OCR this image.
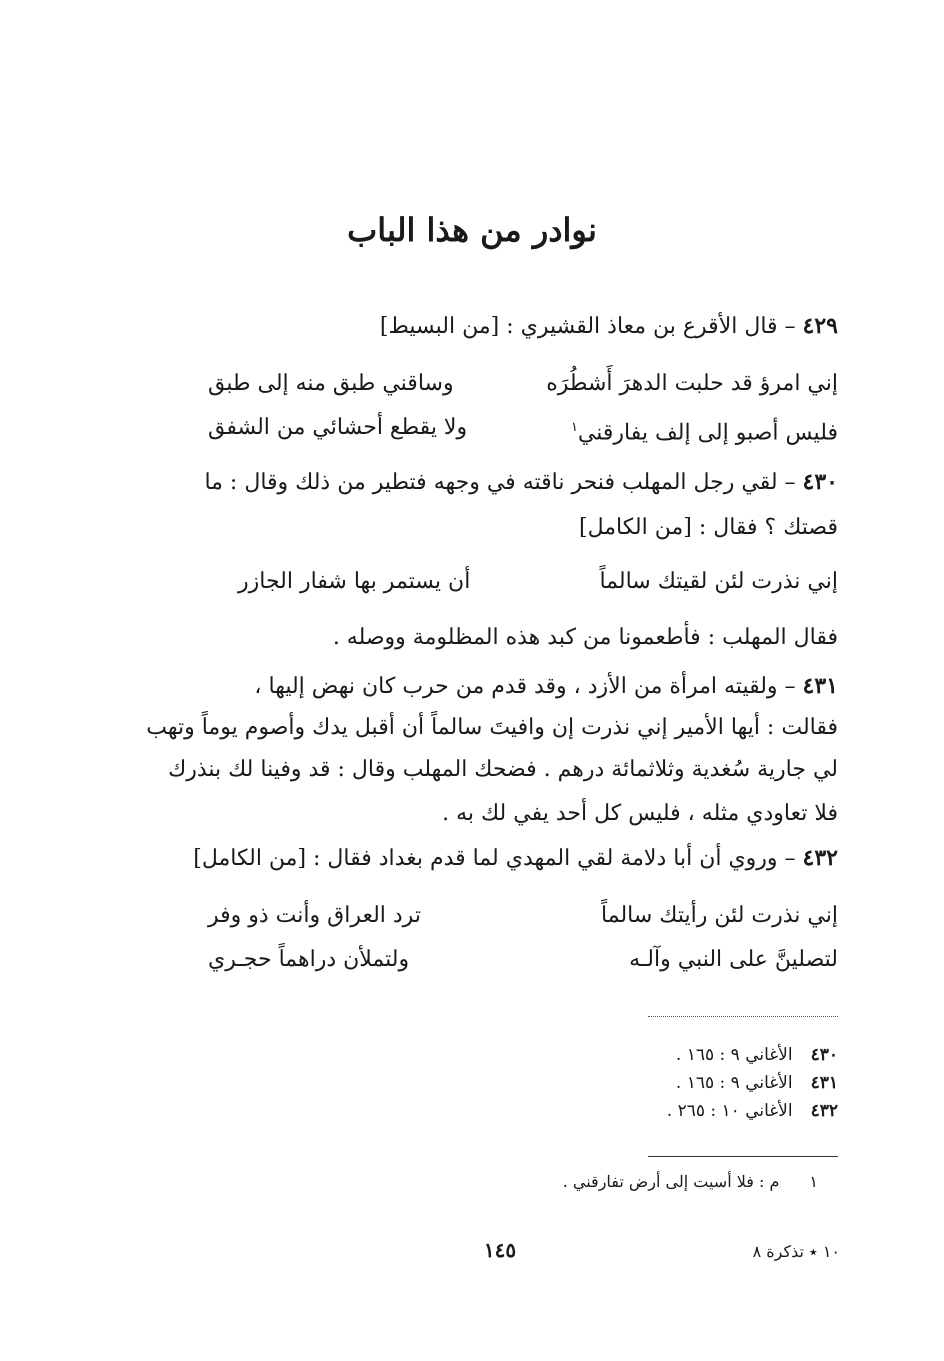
نوادر من هذا الباب
٤٢٩ – قال الأقرع بن معاذ القشيري : [من البسيط]
إني امرؤ قد حلبت الدهرَ أَشطُرَه
وساقني طبق منه إلى طبق
فليس أصبو إلى إلف يفارقني$^١$
ولا يقطع أحشائي من الشفق
٤٣٠ – لقي رجل المهلب فنحر ناقته في وجهه فتطير من ذلك وقال : ما
قصتك ؟ فقال : [من الكامل]
إني نذرت لئن لقيتك سالماً
أن يستمر بها شفار الجازر
فقال المهلب : فأطعمونا من كبد هذه المظلومة ووصله .
٤٣١ – ولقيته امرأة من الأزد ، وقد قدم من حرب كان نهض إليها ،
فقالت : أيها الأمير إني نذرت إن وافيتَ سالماً أن أقبل يدك وأصوم يوماً وتهب
لي جارية سُغدية وثلاثمائة درهم . فضحك المهلب وقال : قد وفينا لك بنذرك
فلا تعاودي مثله ، فليس كل أحد يفي لك به .
٤٣٢ – وروي أن أبا دلامة لقي المهدي لما قدم بغداد فقال : [من الكامل]
إني نذرت لئن رأيتك سالماً
ترد العراق وأنت ذو وفر
لتصلينَّ على النبي وآلـه
ولتملأن دراهماً حجـري
٤٣٠الأغاني ٩ : ١٦٥ .
٤٣١الأغاني ٩ : ١٦٥ .
٤٣٢الأغاني ١٠ : ٢٦٥ .
١م : فلا أسيت إلى أرض تفارقني .
١٤٥	١٠ ٭ تذكرة ٨
